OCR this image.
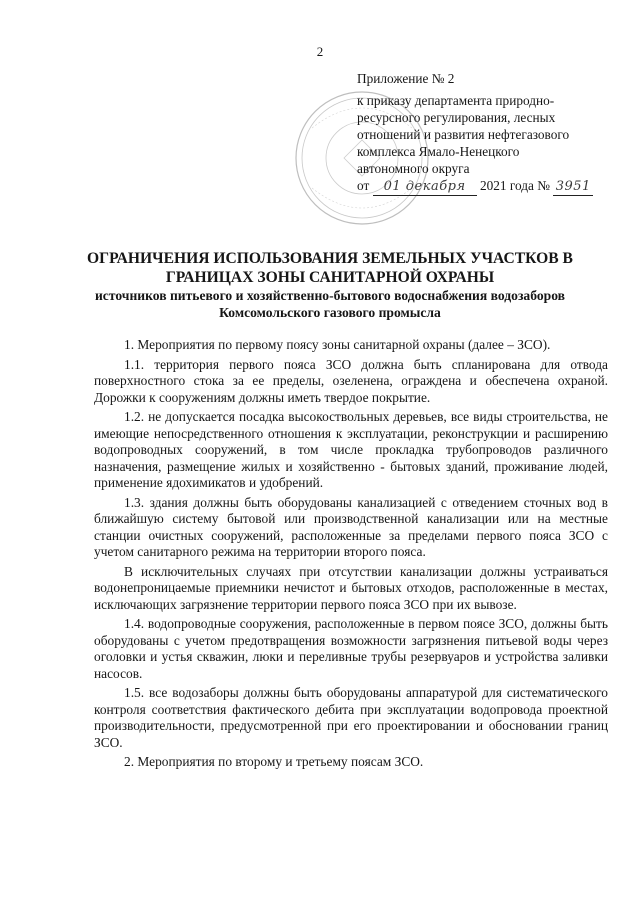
2
Приложение № 2
к приказу департамента природно-
ресурсного регулирования, лесных
отношений и развития нефтегазового
комплекса Ямало-Ненецкого
автономного округа
от 01 декабря 2021 года № 3951
ОГРАНИЧЕНИЯ ИСПОЛЬЗОВАНИЯ ЗЕМЕЛЬНЫХ УЧАСТКОВ В
ГРАНИЦАХ ЗОНЫ САНИТАРНОЙ ОХРАНЫ
источников питьевого и хозяйственно-бытового водоснабжения водозаборов
Комсомольского газового промысла

1. Мероприятия по первому поясу зоны санитарной охраны (далее – ЗСО).

1.1. территория первого пояса ЗСО должна быть спланирована для отвода поверхностного стока за ее пределы, озеленена, ограждена и обеспечена охраной. Дорожки к сооружениям должны иметь твердое покрытие.

1.2. не допускается посадка высокоствольных деревьев, все виды строительства, не имеющие непосредственного отношения к эксплуатации, реконструкции и расширению водопроводных сооружений, в том числе прокладка трубопроводов различного назначения, размещение жилых и хозяйственно - бытовых зданий, проживание людей, применение ядохимикатов и удобрений.

1.3. здания должны быть оборудованы канализацией с отведением сточных вод в ближайшую систему бытовой или производственной канализации или на местные станции очистных сооружений, расположенные за пределами первого пояса ЗСО с учетом санитарного режима на территории второго пояса.

В исключительных случаях при отсутствии канализации должны устраиваться водонепроницаемые приемники нечистот и бытовых отходов, расположенные в местах, исключающих загрязнение территории первого пояса ЗСО при их вывозе.

1.4. водопроводные сооружения, расположенные в первом поясе ЗСО, должны быть оборудованы с учетом предотвращения возможности загрязнения питьевой воды через оголовки и устья скважин, люки и переливные трубы резервуаров и устройства заливки насосов.

1.5. все водозаборы должны быть оборудованы аппаратурой для систематического контроля соответствия фактического дебита при эксплуатации водопровода проектной производительности, предусмотренной при его проектировании и обосновании границ ЗСО.

2. Мероприятия по второму и третьему поясам ЗСО.
